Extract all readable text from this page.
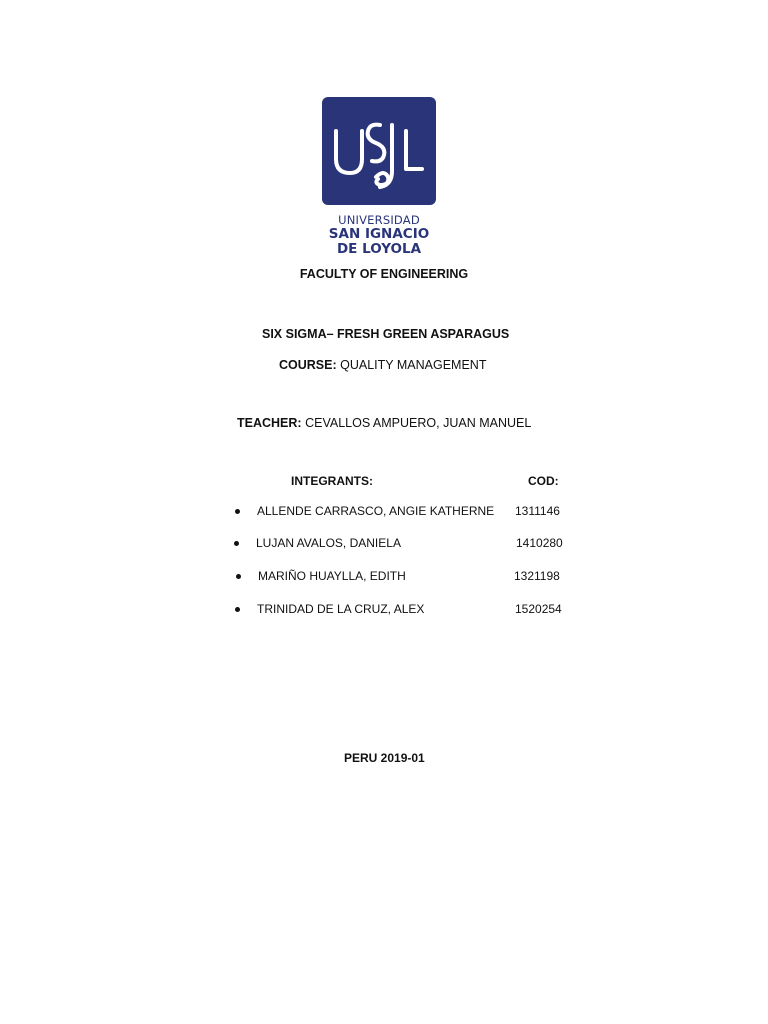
UNIVERSIDAD
SAN IGNACIO
DE LOYOLA
FACULTY OF ENGINEERING
SIX SIGMA– FRESH GREEN ASPARAGUS
COURSE: QUALITY MANAGEMENT
TEACHER: CEVALLOS AMPUERO, JUAN MANUEL
INTEGRANTS:	COD:
ALLENDE CARRASCO, ANGIE KATHERNE 1311146
LUJAN AVALOS, DANIELA	1410280
MARIÑO HUAYLLA, EDITH	1321198
TRINIDAD DE LA CRUZ, ALEX	1520254
PERU 2019-01
